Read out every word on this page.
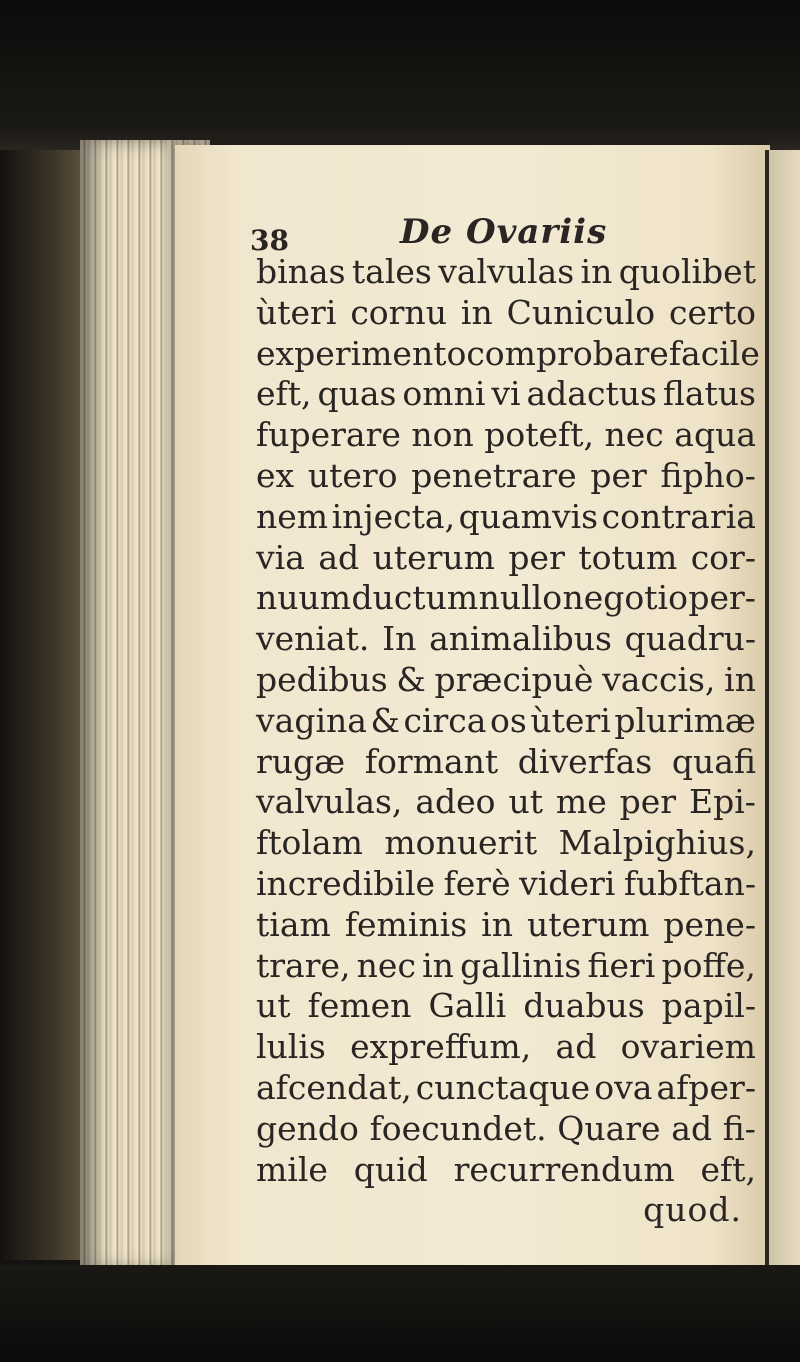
38	De Ovariis
binas tales valvulas in quolibet
ùteri cornu in Cuniculo certo
experimento comprobare facile
eft, quas omni vi adactus flatus
fuperare non poteft, nec aqua
ex utero penetrare per fipho-
nem injecta, quamvis contraria
via ad uterum per totum cor-
nuum ductum nullo negotio per-
veniat. In animalibus quadru-
pedibus & præcipuè vaccis, in
vagina & circa os ùteri plurimæ
rugæ formant diverfas quafi
valvulas, adeo ut me per Epi-
ftolam monuerit Malpighius,
incredibile ferè videri fubftan-
tiam feminis in uterum pene-
trare, nec in gallinis fieri poffe,
ut femen Galli duabus papil-
lulis expreffum, ad ovariem
afcendat, cunctaque ova afper-
gendo foecundet. Quare ad fi-
mile quid recurrendum eft,
quod.
